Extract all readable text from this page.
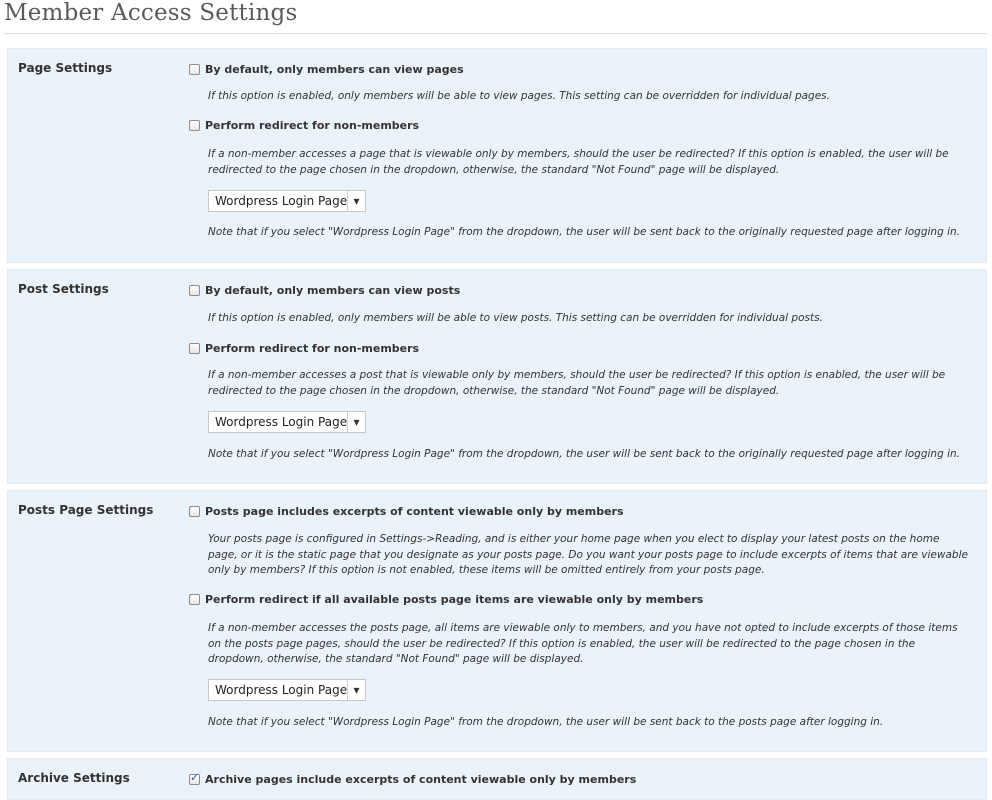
Member Access Settings
Page Settings	By default, only members can view pages
If this option is enabled, only members will be able to view pages. This setting can be overridden for individual pages.
Perform redirect for non-members
If a non-member accesses a page that is viewable only by members, should the user be redirected? If this option is enabled, the user will be redirected to the page chosen in the dropdown, otherwise, the standard "Not Found" page will be displayed.
Wordpress Login Page ▾
Note that if you select "Wordpress Login Page" from the dropdown, the user will be sent back to the originally requested page after logging in.
Post Settings	By default, only members can view posts
If this option is enabled, only members will be able to view posts. This setting can be overridden for individual posts.
Perform redirect for non-members
If a non-member accesses a post that is viewable only by members, should the user be redirected? If this option is enabled, the user will be redirected to the page chosen in the dropdown, otherwise, the standard "Not Found" page will be displayed.
Wordpress Login Page ▾
Note that if you select "Wordpress Login Page" from the dropdown, the user will be sent back to the originally requested page after logging in.
Posts Page Settings	Posts page includes excerpts of content viewable only by members
Your posts page is configured in Settings->Reading, and is either your home page when you elect to display your latest posts on the home page, or it is the static page that you designate as your posts page. Do you want your posts page to include excerpts of items that are viewable only by members? If this option is not enabled, these items will be omitted entirely from your posts page.
Perform redirect if all available posts page items are viewable only by members
If a non-member accesses the posts page, all items are viewable only to members, and you have not opted to include excerpts of those items on the posts page pages, should the user be redirected? If this option is enabled, the user will be redirected to the page chosen in the dropdown, otherwise, the standard "Not Found" page will be displayed.
Wordpress Login Page ▾
Note that if you select "Wordpress Login Page" from the dropdown, the user will be sent back to the posts page after logging in.
Archive Settings
✓	Archive pages include excerpts of content viewable only by members
